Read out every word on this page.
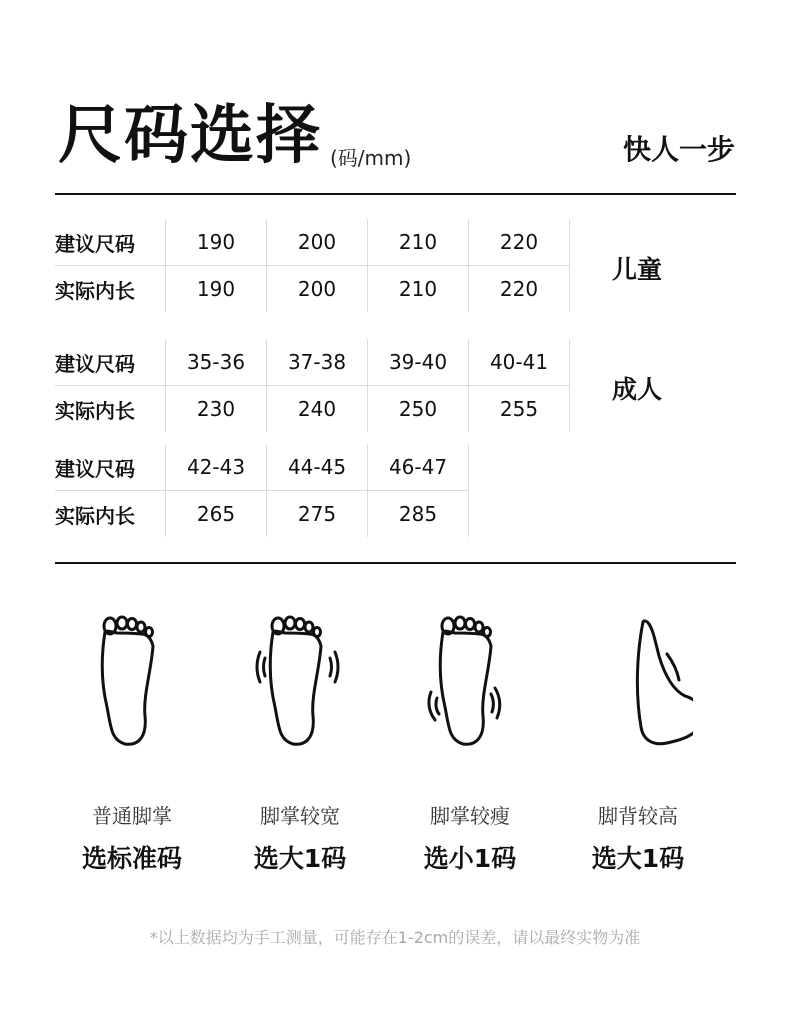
尺码选择 (码/mm)	快人一步
建议尺码	190	200	210	220
实际内长	190	200	210	220
儿童
建议尺码	35-36	37-38	39-40	40-41
实际内长	230	240	250	255
成人
建议尺码	42-43	44-45	46-47
实际内长	265	275	285
普通脚掌
选标准码
脚掌较宽
选大1码
脚掌较瘦
选小1码
脚背较高
选大1码
*以上数据均为手工测量，可能存在1-2cm的误差，请以最终实物为准
